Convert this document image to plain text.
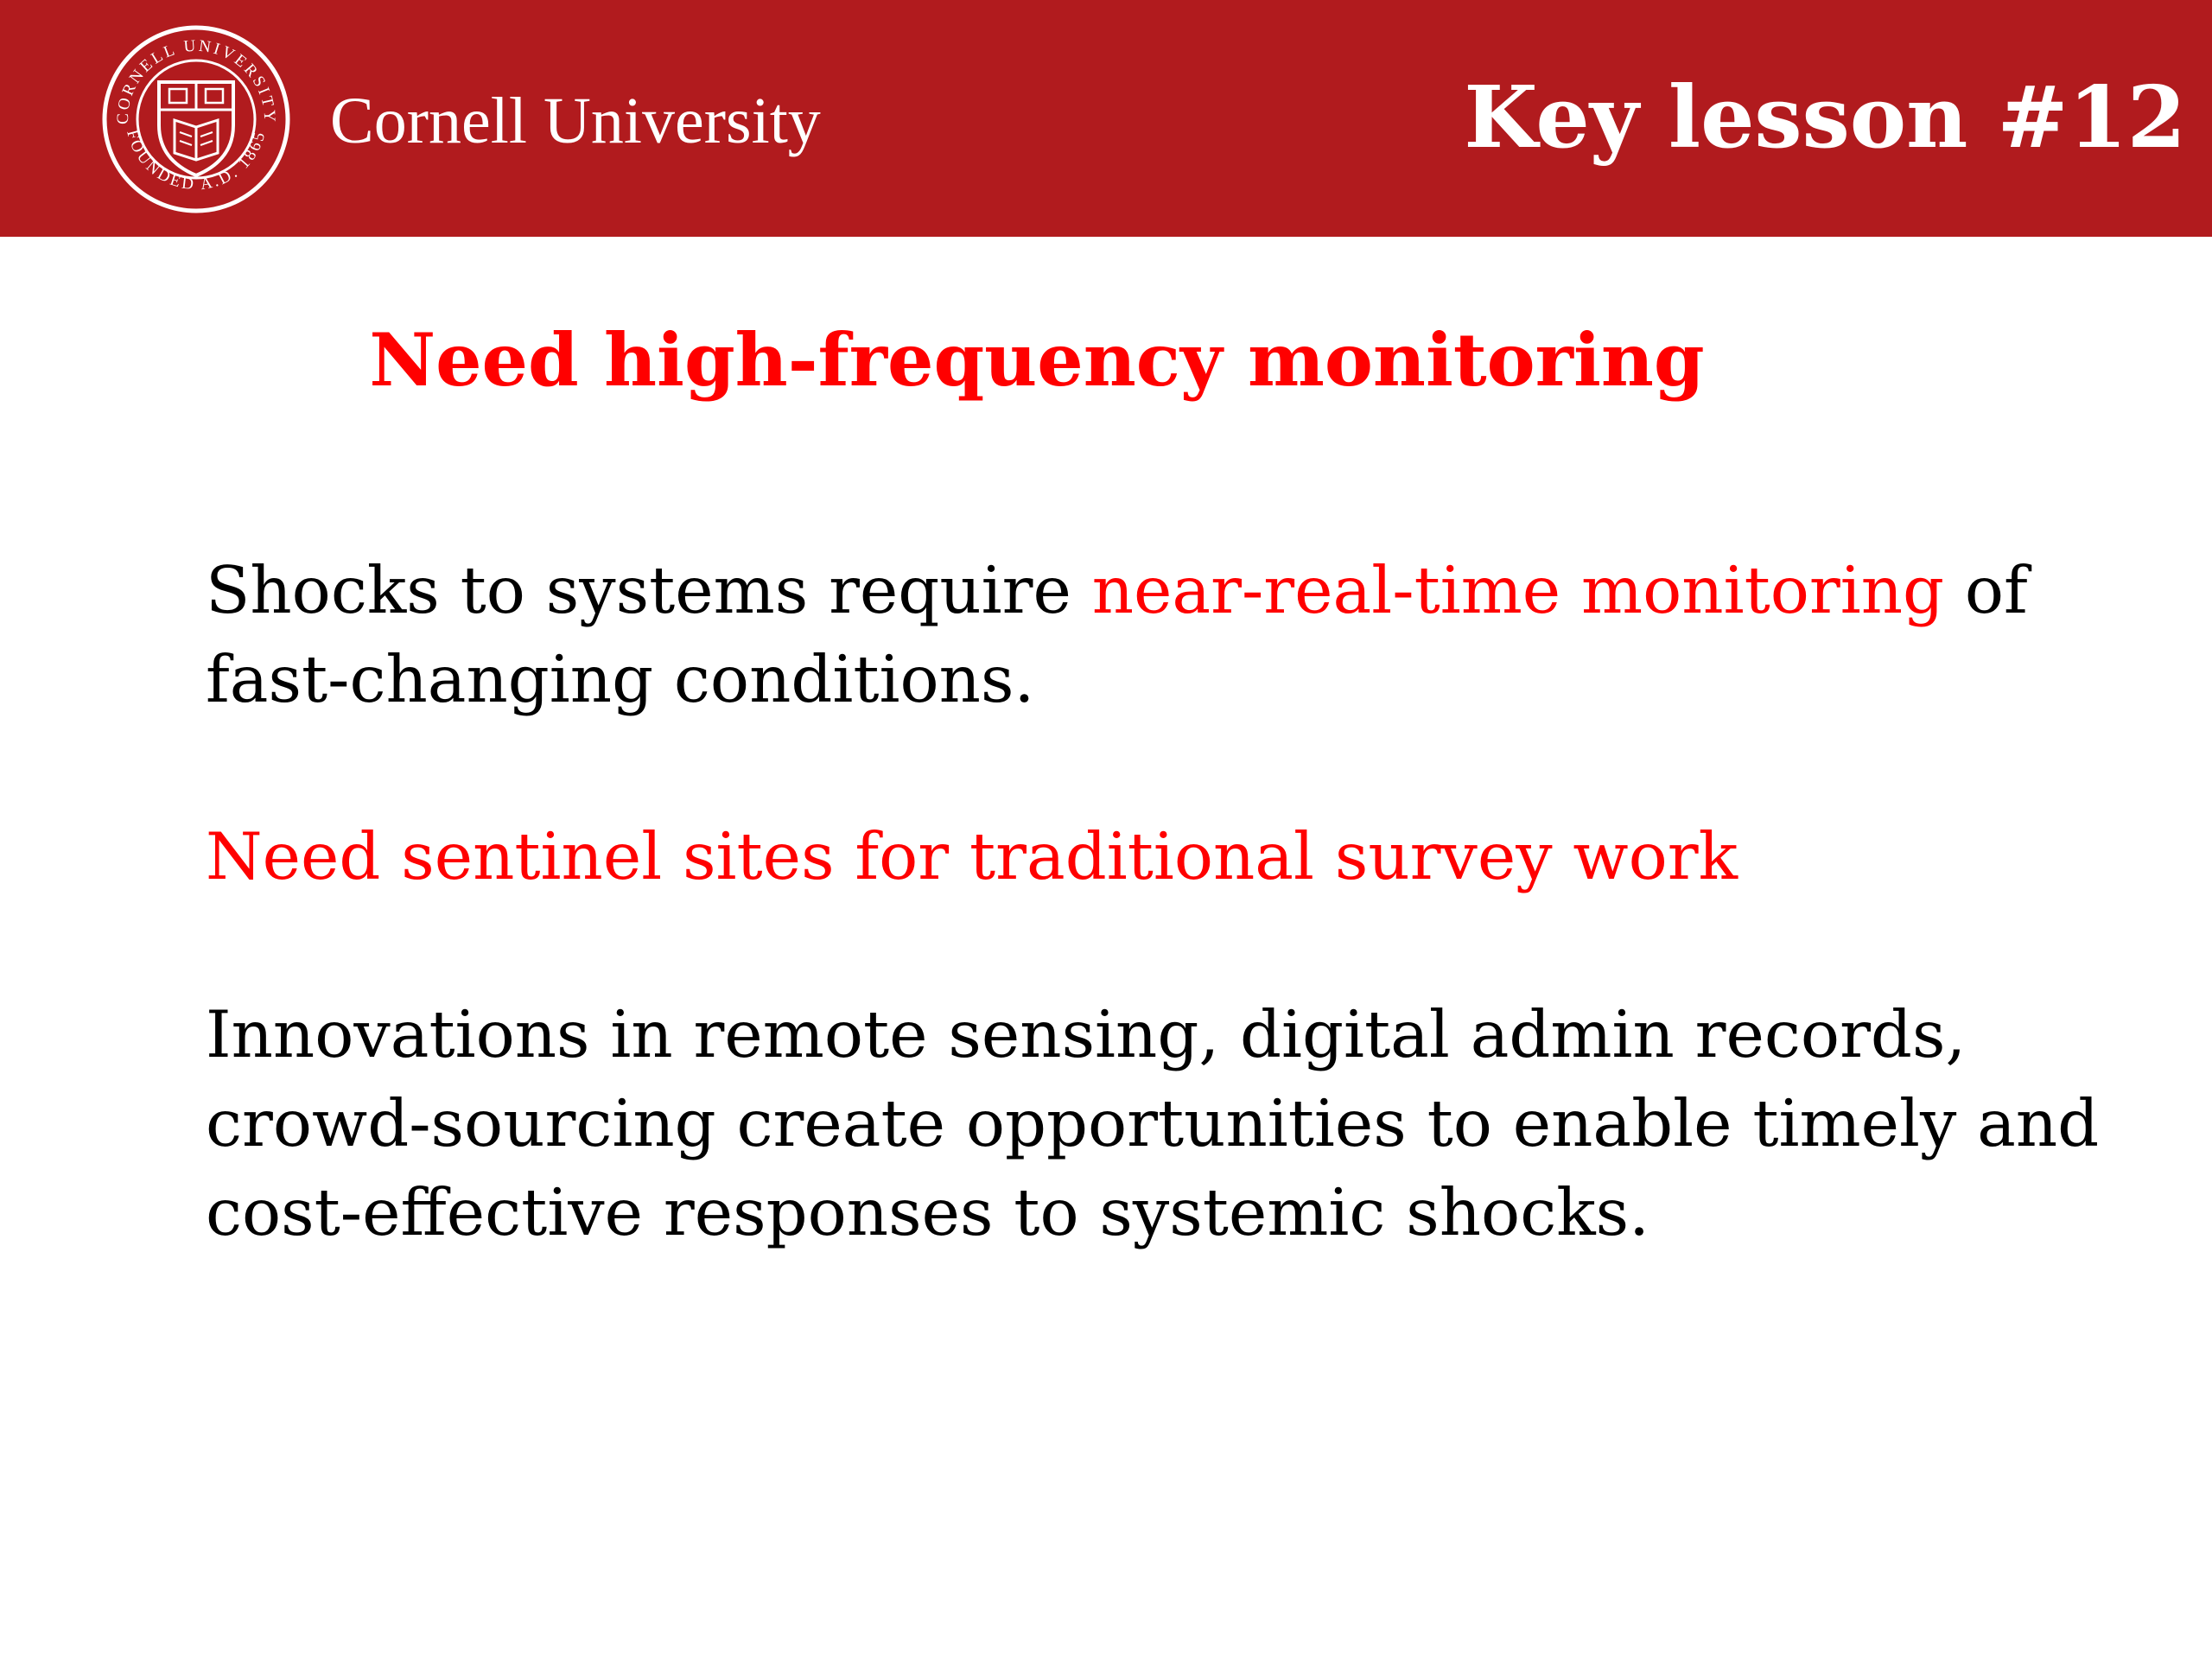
CORNELL UNIVERSITY
FOUNDED A.D. 1865 Cornell University	Key lesson #12
Need high-frequency monitoring
Shocks to systems require near-real-time monitoring of fast-changing conditions.
Need sentinel sites for traditional survey work
Innovations in remote sensing, digital admin records, crowd-sourcing create opportunities to enable timely and cost-effective responses to systemic shocks.
